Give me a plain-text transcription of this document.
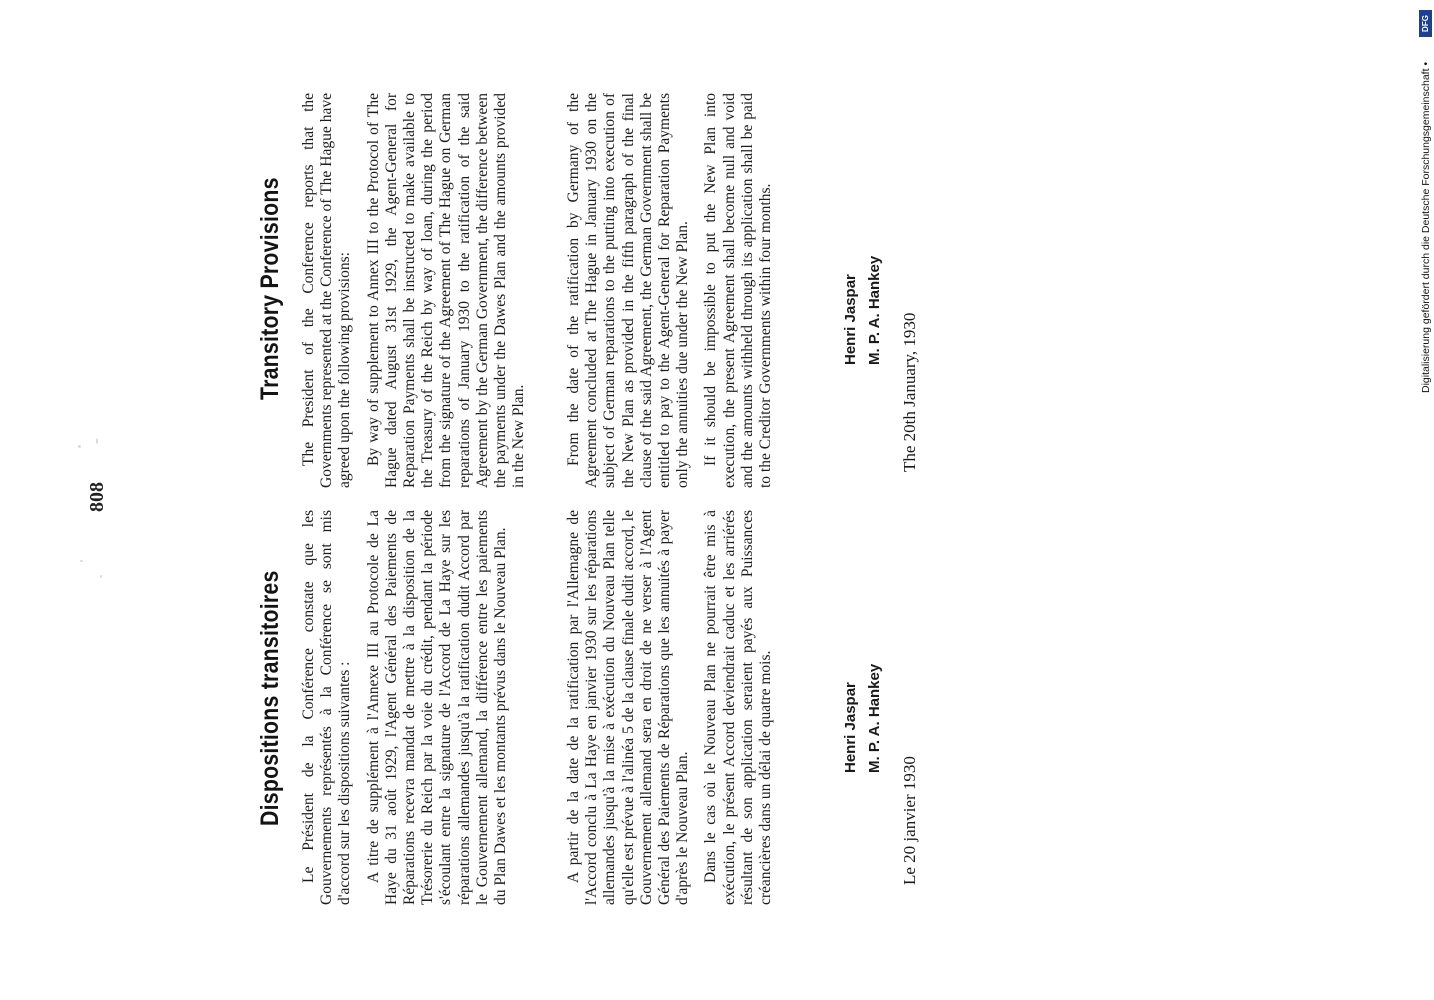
808
Dispositions transitoires Le Président de la Conférence constate que les Gouvernements représentés à la Conférence se sont mis d'accord sur les dispositions suivantes : A titre de supplément à l'Annexe III au Protocole de La Haye du 31 août 1929, l'Agent Général des Paiements de Réparations recevra mandat de mettre à la disposition de la Trésorerie du Reich par la voie du crédit, pendant la période s'écoulant entre la signature de l'Accord de La Haye sur les réparations allemandes jusqu'à la ratification dudit Accord par le Gouvernement allemand, la différence entre les paiements du Plan Dawes et les montants prévus dans le Nouveau Plan.	A partir de la date de la ratification par l'Allemagne de l'Accord conclu à La Haye en janvier 1930 sur les réparations allemandes jusqu'à la mise à exécution du Nouveau Plan telle qu'elle est prévue à l'alinéa 5 de la clause finale dudit accord, le Gouvernement allemand sera en droit de ne verser à l'Agent Général des Paiements de Réparations que les annuités à payer d'après le Nouveau Plan. Dans le cas où le Nouveau Plan ne pourrait être mis à exécution, le présent Accord deviendrait caduc et les arriérés résultant de son application seraient payés aux Puissances créancières dans un délai de quatre mois.	Henri Jaspar M. P. A. Hankey
Le 20 janvier 1930
Transitory Provisions The President of the Conference reports that the Governments represented at the Conference of The Hague have agreed upon the following provisions: By way of supplement to Annex III to the Protocol of The Hague dated August 31st 1929, the Agent-General for Reparation Payments shall be instructed to make available to the Treasury of the Reich by way of loan, during the period from the signature of the Agreement of The Hague on German reparations of January 1930 to the ratification of the said Agreement by the German Government, the difference between the payments under the Dawes Plan and the amounts provided in the New Plan. From the date of the ratification by Germany of the Agreement concluded at The Hague in January 1930 on the subject of German reparations to the putting into execution of the New Plan as provided in the fifth paragraph of the final clause of the said Agreement, the German Government shall be entitled to pay to the Agent-General for Reparation Payments only the annuities due under the New Plan. If it should be impossible to put the New Plan into execution, the present Agreement shall become null and void and the amounts withheld through its application shall be paid to the Creditor Governments within four months.	Henri Jaspar M. P. A. Hankey
The 20th January, 1930	Digitalisierung gefördert durch die Deutsche Forschungsgemeinschaft •
DFG
